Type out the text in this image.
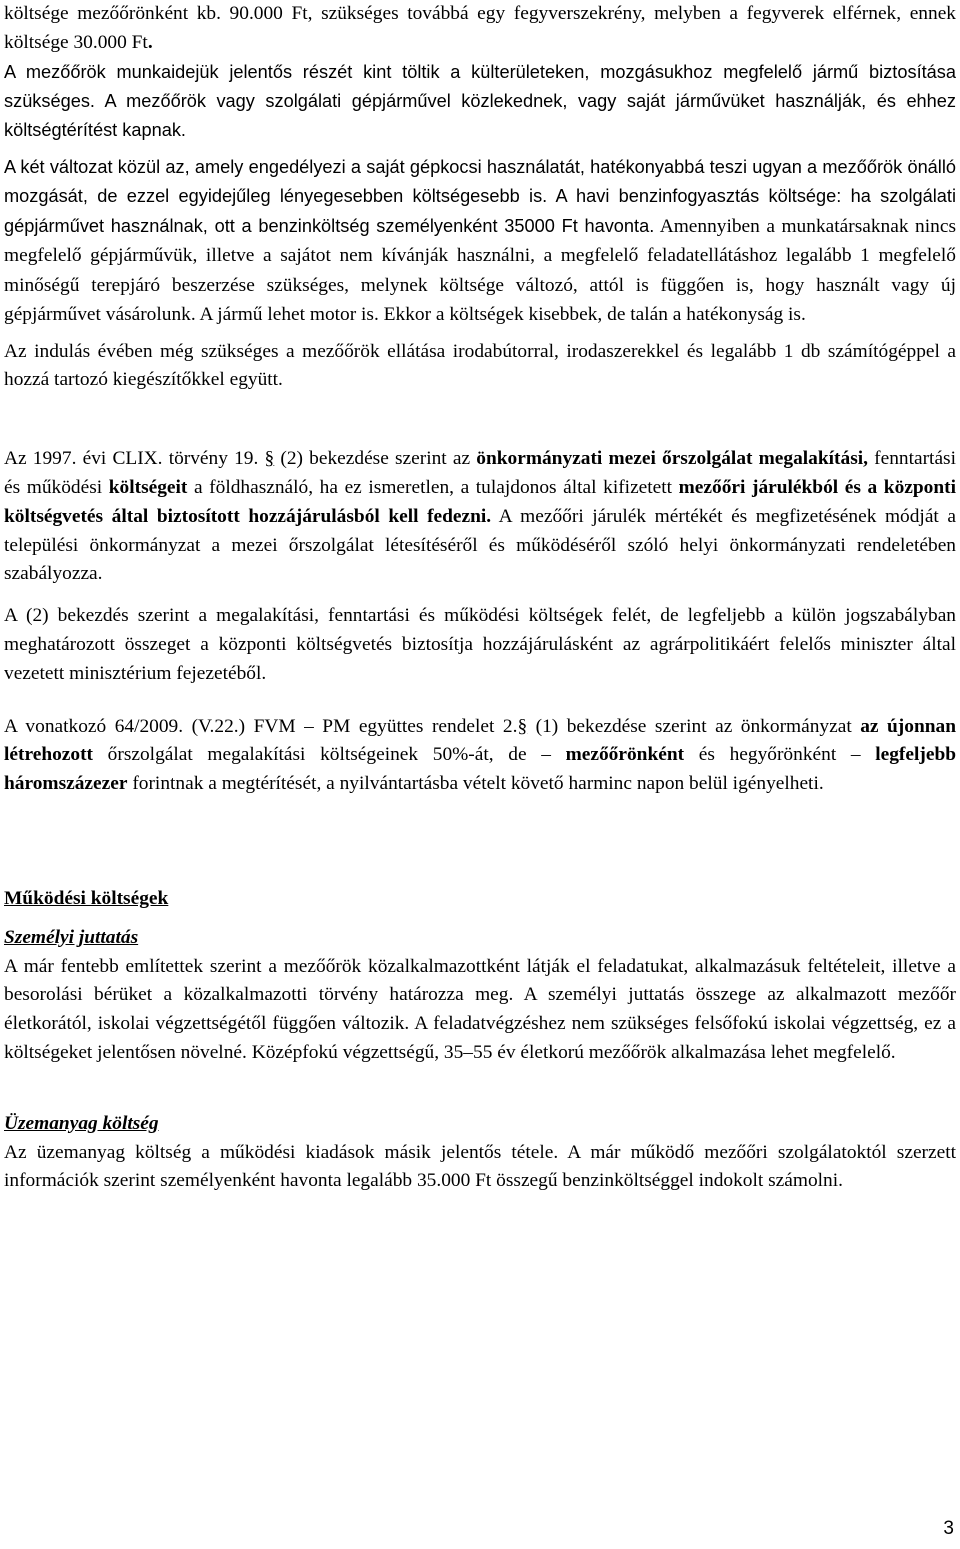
költsége mezőőrönként kb. 90.000 Ft, szükséges továbbá egy fegyverszekrény, melyben a fegyverek elférnek, ennek költsége 30.000 Ft.

A mezőőrök munkaidejük jelentős részét kint töltik a külterületeken, mozgásukhoz megfelelő jármű biztosítása szükséges. A mezőőrök vagy szolgálati gépjárművel közlekednek, vagy saját járművüket használják, és ehhez költségtérítést kapnak.

A két változat közül az, amely engedélyezi a saját gépkocsi használatát, hatékonyabbá teszi ugyan a mezőőrök önálló mozgását, de ezzel egyidejűleg lényegesebben költségesebb is. A havi benzinfogyasztás költsége: ha szolgálati gépjárművet használnak, ott a benzinköltség személyenként 35000 Ft havonta. Amennyiben a munkatársaknak nincs megfelelő gépjárművük, illetve a sajátot nem kívánják használni, a megfelelő feladatellátáshoz legalább 1 megfelelő minőségű terepjáró beszerzése szükséges, melynek költsége változó, attól is függően is, hogy használt vagy új gépjárművet vásárolunk. A jármű lehet motor is. Ekkor a költségek kisebbek, de talán a hatékonyság is.

Az indulás évében még szükséges a mezőőrök ellátása irodabútorral, irodaszerekkel és legalább 1 db számítógéppel a hozzá tartozó kiegészítőkkel együtt.

Az 1997. évi CLIX. törvény 19. § (2) bekezdése szerint az önkormányzati mezei őrszolgálat megalakítási, fenntartási és működési költségeit a földhasználó, ha ez ismeretlen, a tulajdonos által kifizetett mezőőri járulékból és a központi költségvetés által biztosított hozzájárulásból kell fedezni. A mezőőri járulék mértékét és megfizetésének módját a települési önkormányzat a mezei őrszolgálat létesítéséről és működéséről szóló helyi önkormányzati rendeletében szabályozza.

A (2) bekezdés szerint a megalakítási, fenntartási és működési költségek felét, de legfeljebb a külön jogszabályban meghatározott összeget a központi költségvetés biztosítja hozzájárulásként az agrárpolitikáért felelős miniszter által vezetett minisztérium fejezetéből.

A vonatkozó 64/2009. (V.22.) FVM – PM együttes rendelet 2.§ (1) bekezdése szerint az önkormányzat az újonnan létrehozott őrszolgálat megalakítási költségeinek 50%-át, de – mezőőrönként és hegyőrönként – legfeljebb háromszázezer forintnak a megtérítését, a nyilvántartásba vételt követő harminc napon belül igényelheti.

Működési költségek
Személyi juttatás

A már fentebb említettek szerint a mezőőrök közalkalmazottként látják el feladatukat, alkalmazásuk feltételeit, illetve a besorolási bérüket a közalkalmazotti törvény határozza meg. A személyi juttatás összege az alkalmazott mezőőr életkorától, iskolai végzettségétől függően változik. A feladatvégzéshez nem szükséges felsőfokú iskolai végzettség, ez a költségeket jelentősen növelné. Középfokú végzettségű, 35–55 év életkorú mezőőrök alkalmazása lehet megfelelő.

Üzemanyag költség

Az üzemanyag költség a működési kiadások másik jelentős tétele. A már működő mezőőri szolgálatoktól szerzett információk szerint személyenként havonta legalább 35.000 Ft összegű benzinköltséggel indokolt számolni.

3
